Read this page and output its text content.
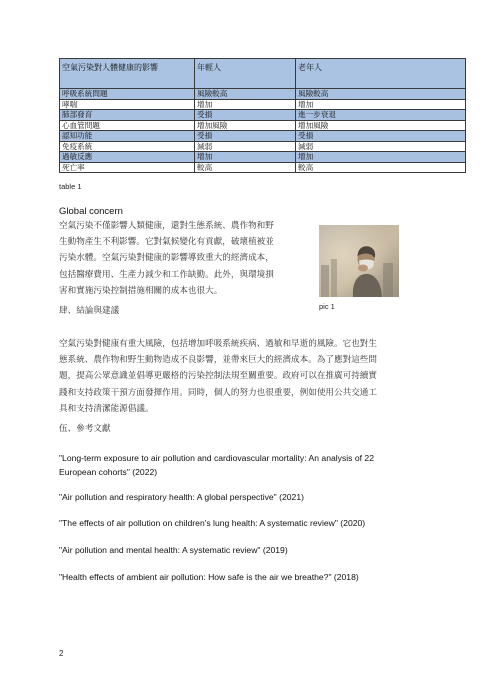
空氣污染對人體健康的影響	年輕人	老年人
呼吸系統問題	風險較高	風險較高
哮喘	增加	增加
肺部發育	受損	進一步衰退
心血管問題	增加風險	增加風險
認知功能	受損	受損
免疫系統	減弱	減弱
過敏反應	增加	增加
死亡率	較高	較高
table 1
Global concern
空氣污染不僅影響人類健康，還對生態系統、農作物和野
生動物產生不利影響。它對氣候變化有貢獻，破壞植被並
污染水體。空氣污染對健康的影響導致重大的經濟成本，
包括醫療費用、生產力減少和工作缺勤。此外，與環境損
害和實施污染控制措施相關的成本也很大。
pic 1
肆、結論與建議
空氣污染對健康有重大風險，包括增加呼吸系統疾病、過敏和早逝的風險。它也對生
態系統、農作物和野生動物造成不良影響，並帶來巨大的經濟成本。為了應對這些問
題，提高公眾意識並倡導更嚴格的污染控制法規至關重要。政府可以在推廣可持續實
踐和支持政策干預方面發揮作用。同時，個人的努力也很重要，例如使用公共交通工
具和支持清潔能源倡議。
伍、參考文獻
"Long-term exposure to air pollution and cardiovascular mortality: An analysis of 22
European cohorts" (2022)
"Air pollution and respiratory health: A global perspective" (2021)
"The effects of air pollution on children's lung health: A systematic review" (2020)
"Air pollution and mental health: A systematic review" (2019)
"Health effects of ambient air pollution: How safe is the air we breathe?" (2018)
2
